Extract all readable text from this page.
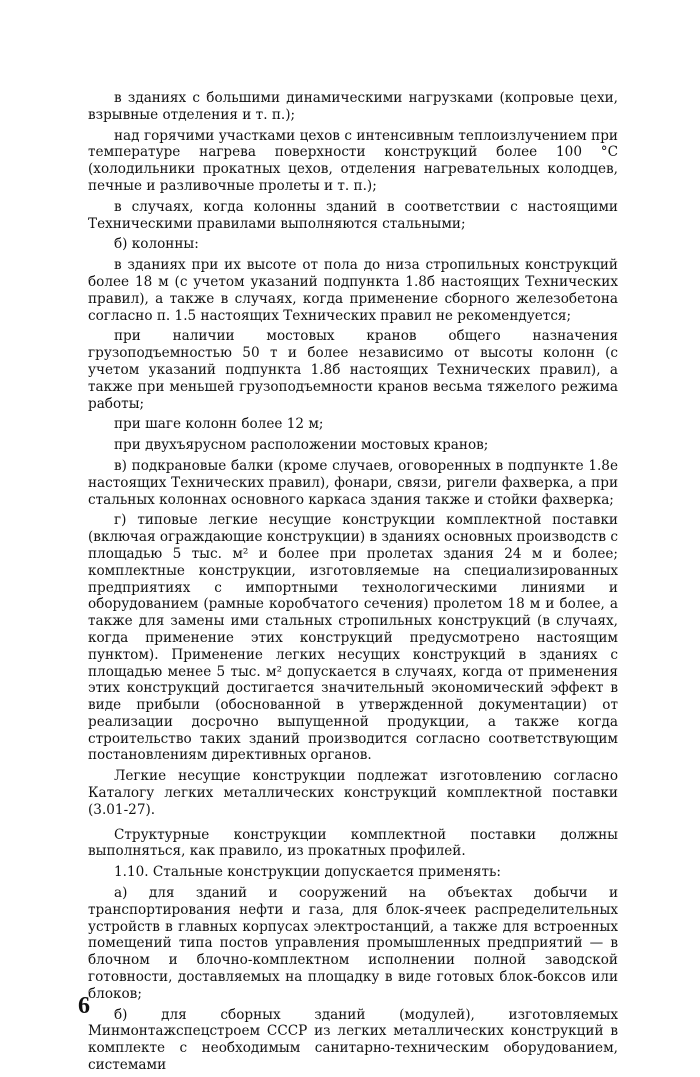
в зданиях с большими динамическими нагрузками (копровые цехи, взрывные отделения и т. п.);

над горячими участками цехов с интенсивным теплоизлучением при температуре нагрева поверхности конструкций более 100 °С (холодильники прокатных цехов, отделения нагревательных колодцев, печные и разливочные пролеты и т. п.);

в случаях, когда колонны зданий в соответствии с настоящими Техническими правилами выполняются стальными;

б) колонны:

в зданиях при их высоте от пола до низа стропильных конструкций более 18 м (с учетом указаний подпункта 1.8б настоящих Технических правил), а также в случаях, когда применение сборного железобетона согласно п. 1.5 настоящих Технических правил не рекомендуется;

при наличии мостовых кранов общего назначения грузоподъемностью 50 т и более независимо от высоты колонн (с учетом указаний подпункта 1.8б настоящих Технических правил), а также при меньшей грузоподъемности кранов весьма тяжелого режима работы;

при шаге колонн более 12 м;

при двухъярусном расположении мостовых кранов;

в) подкрановые балки (кроме случаев, оговоренных в подпункте 1.8е настоящих Технических правил), фонари, связи, ригели фахверка, а при стальных колоннах основного каркаса здания также и стойки фахверка;

г) типовые легкие несущие конструкции комплектной поставки (включая ограждающие конструкции) в зданиях основных производств с площадью 5 тыс. м² и более при пролетах здания 24 м и более; комплектные конструкции, изготовляемые на специализированных предприятиях с импортными технологическими линиями и оборудованием (рамные коробчатого сечения) пролетом 18 м и более, а также для замены ими стальных стропильных конструкций (в случаях, когда применение этих конструкций предусмотрено настоящим пунктом). Применение легких несущих конструкций в зданиях с площадью менее 5 тыс. м² допускается в случаях, когда от применения этих конструкций достигается значительный экономический эффект в виде прибыли (обоснованной в утвержденной документации) от реализации досрочно выпущенной продукции, а также когда строительство таких зданий производится согласно соответствующим постановлениям директивных органов.

Легкие несущие конструкции подлежат изготовлению согласно Каталогу легких металлических конструкций комплектной поставки (3.01-27).

Структурные конструкции комплектной поставки должны выполняться, как правило, из прокатных профилей.

1.10. Стальные конструкции допускается применять:

а) для зданий и сооружений на объектах добычи и транспортирования нефти и газа, для блок-ячеек распределительных устройств в главных корпусах электростанций, а также для встроенных помещений типа постов управления промышленных предприятий — в блочном и блочно-комплектном исполнении полной заводской готовности, доставляемых на площадку в виде готовых блок-боксов или блоков;

б) для сборных зданий (модулей), изготовляемых Минмонтажспецстроем СССР из легких металлических конструкций в комплекте с необходимым санитарно-техническим оборудованием, системами

6
